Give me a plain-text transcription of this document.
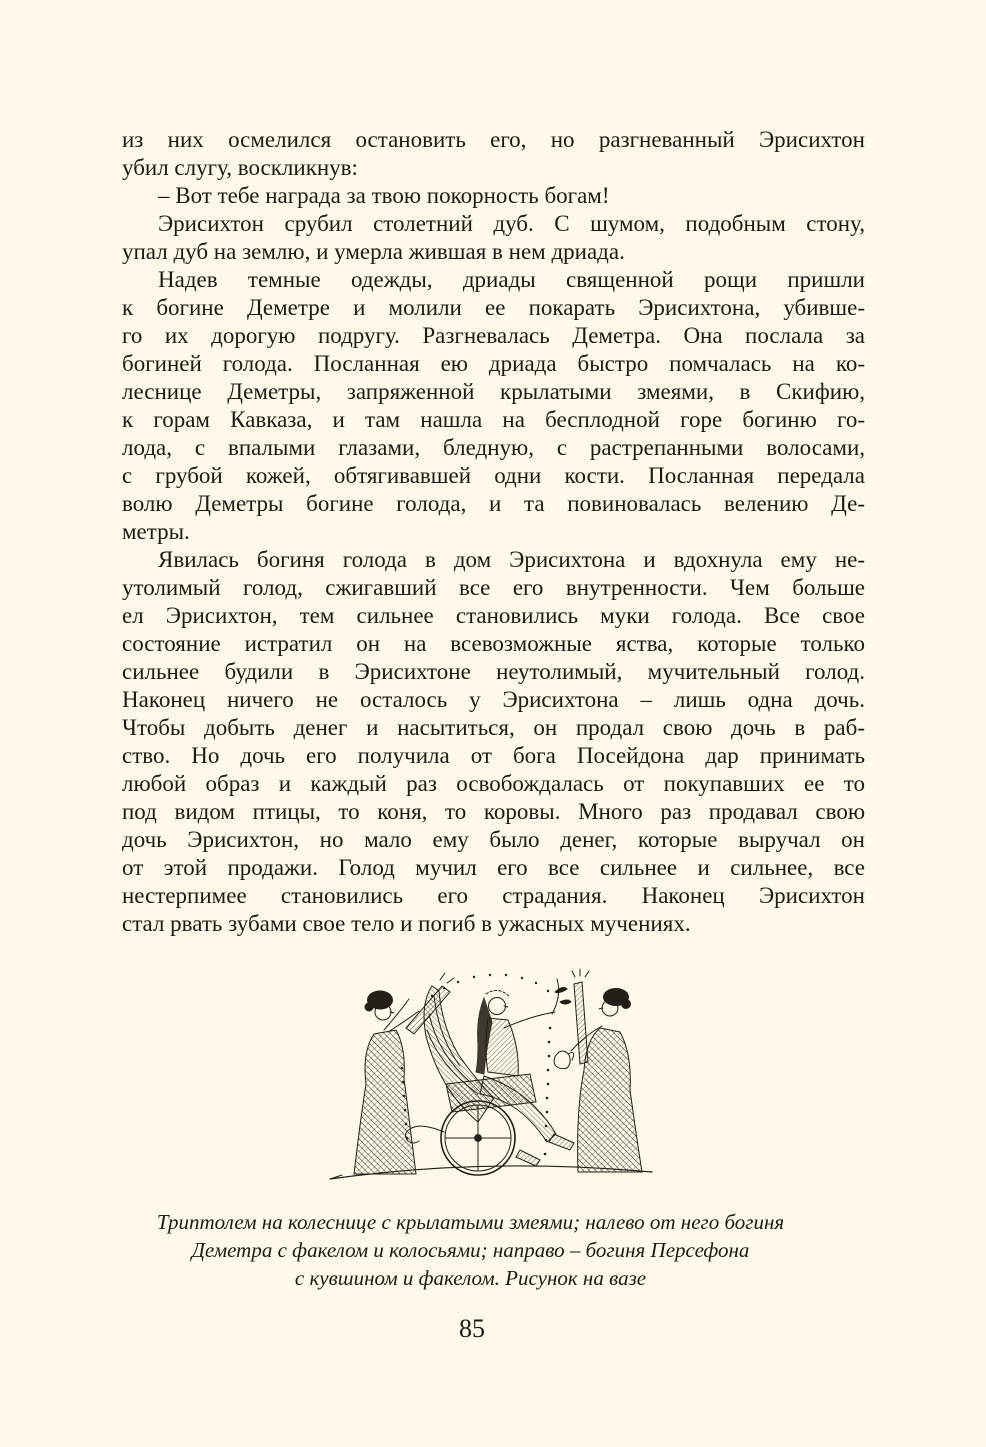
из них осмелился остановить его, но разгневанный Эрисихтон
убил слугу, воскликнув:
– Вот тебе награда за твою покорность богам!
Эрисихтон срубил столетний дуб. С шумом, подобным стону,
упал дуб на землю, и умерла жившая в нем дриада.
Надев темные одежды, дриады священной рощи пришли
к богине Деметре и молили ее покарать Эрисихтона, убивше-
го их дорогую подругу. Разгневалась Деметра. Она послала за
богиней голода. Посланная ею дриада быстро помчалась на ко-
леснице Деметры, запряженной крылатыми змеями, в Скифию,
к горам Кавказа, и там нашла на бесплодной горе богиню го-
лода, с впалыми глазами, бледную, с растрепанными волосами,
с грубой кожей, обтягивавшей одни кости. Посланная передала
волю Деметры богине голода, и та повиновалась велению Де-
метры.
Явилась богиня голода в дом Эрисихтона и вдохнула ему не-
утолимый голод, сжигавший все его внутренности. Чем больше
ел Эрисихтон, тем сильнее становились муки голода. Все свое
состояние истратил он на всевозможные яства, которые только
сильнее будили в Эрисихтоне неутолимый, мучительный голод.
Наконец ничего не осталось у Эрисихтона – лишь одна дочь.
Чтобы добыть денег и насытиться, он продал свою дочь в раб-
ство. Но дочь его получила от бога Посейдона дар принимать
любой образ и каждый раз освобождалась от покупавших ее то
под видом птицы, то коня, то коровы. Много раз продавал свою
дочь Эрисихтон, но мало ему было денег, которые выручал он
от этой продажи. Голод мучил его все сильнее и сильнее, все
нестерпимее становились его страдания. Наконец Эрисихтон
стал рвать зубами свое тело и погиб в ужасных мучениях.
Триптолем на колеснице с крылатыми змеями; налево от него богиня
Деметра с факелом и колосьями; направо – богиня Персефона
с кувшином и факелом. Рисунок на вазе
85
